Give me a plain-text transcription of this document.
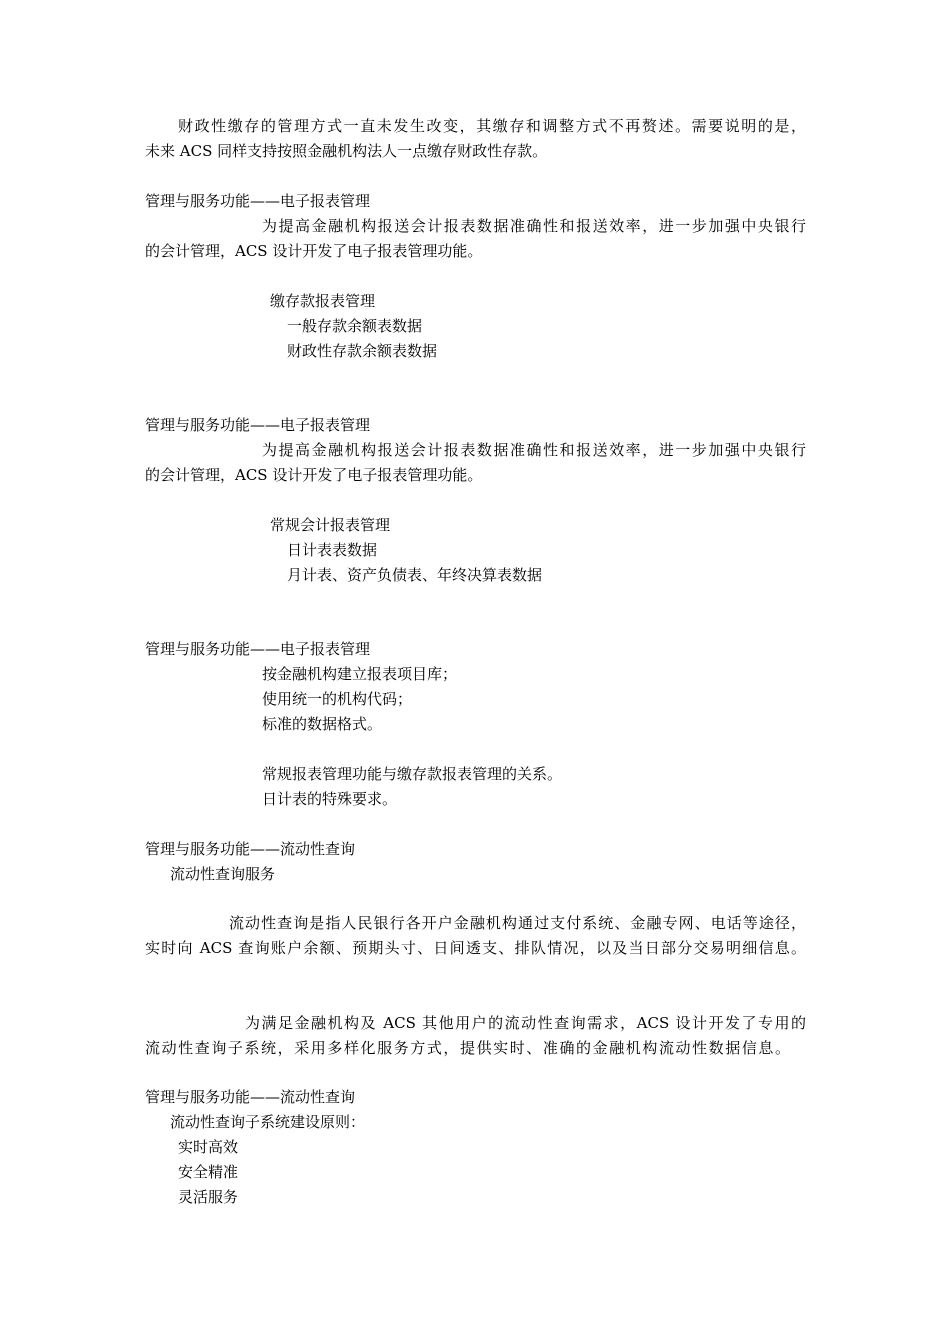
财政性缴存的管理方式一直未发生改变，其缴存和调整方式不再赘述。需要说明的是，
未来 ACS 同样支持按照金融机构法人一点缴存财政性存款。
管理与服务功能——电子报表管理
为提高金融机构报送会计报表数据准确性和报送效率，进一步加强中央银行
的会计管理，ACS 设计开发了电子报表管理功能。
缴存款报表管理
一般存款余额表数据
财政性存款余额表数据
管理与服务功能——电子报表管理
为提高金融机构报送会计报表数据准确性和报送效率，进一步加强中央银行
的会计管理，ACS 设计开发了电子报表管理功能。
常规会计报表管理
日计表表数据
月计表、资产负债表、年终决算表数据
管理与服务功能——电子报表管理
按金融机构建立报表项目库；
使用统一的机构代码；
标准的数据格式。
常规报表管理功能与缴存款报表管理的关系。
日计表的特殊要求。
管理与服务功能——流动性查询
流动性查询服务
流动性查询是指人民银行各开户金融机构通过支付系统、金融专网、电话等途径，
实时向 ACS 查询账户余额、预期头寸、日间透支、排队情况，以及当日部分交易明细信息。
为满足金融机构及 ACS 其他用户的流动性查询需求，ACS 设计开发了专用的
流动性查询子系统，采用多样化服务方式，提供实时、准确的金融机构流动性数据信息。
管理与服务功能——流动性查询
流动性查询子系统建设原则：
实时高效
安全精准
灵活服务
